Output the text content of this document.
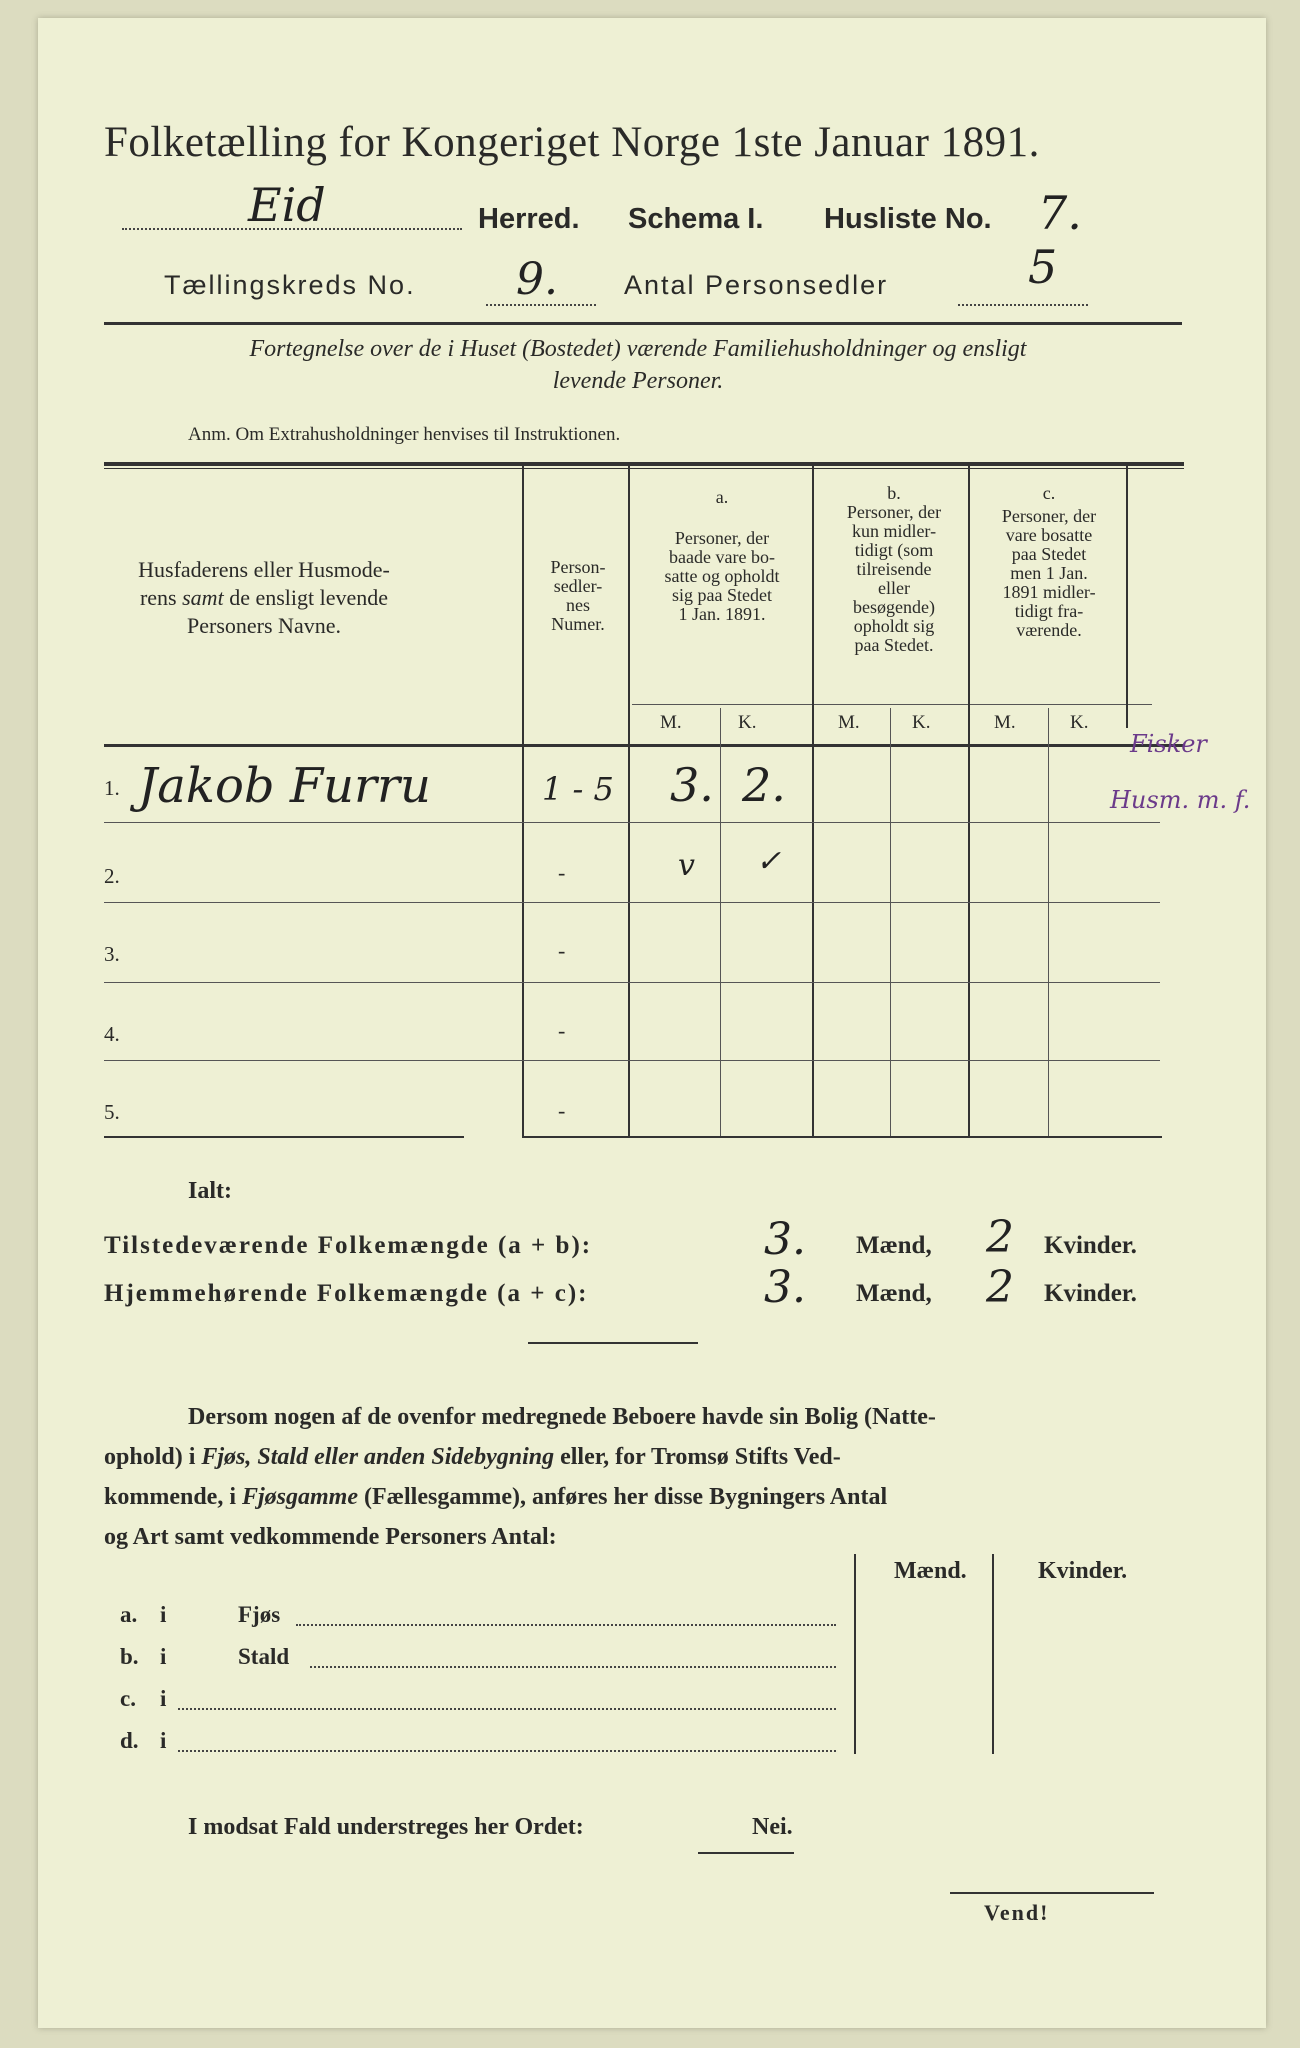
Folketælling for Kongeriget Norge 1ste Januar 1891.
Eid	Herred. Schema I. Husliste No. 7.
Tællingskreds No. 9. Antal Personsedler	5
Fortegnelse over de i Huset (Bostedet) værende Familiehusholdninger og ensligt
levende Personer.
Anm. Om Extrahusholdninger henvises til Instruktionen.
Husfaderens eller Husmode-
rens samt de ensligt levende
Personers Navne.
Person-
sedler-
nes
Numer.
a.
Personer, der
baade vare bo-
satte og opholdt
sig paa Stedet
1 Jan. 1891.
b.
Personer, der
kun midler-
tidigt (som
tilreisende
eller
besøgende)
opholdt sig
paa Stedet.
c.
Personer, der
vare bosatte
paa Stedet
men 1 Jan.
1891 midler-
tidigt fra-
værende.
M.	K.	M.	K.	M.	K.
1. Jakob Furru	1 - 5 3. 2.
Fisker
Husm. m. f.
2.	-	v ✓
3.	-
4.	-
5.	-
Ialt:
Tilstedeværende Folkemængde (a + b):	3. Mænd, 2 Kvinder.
Hjemmehørende Folkemængde (a + c):	3. Mænd, 2 Kvinder.
Dersom nogen af de ovenfor medregnede Beboere havde sin Bolig (Natte-
ophold) i Fjøs, Stald eller anden Sidebygning eller, for Tromsø Stifts Ved-
kommende, i Fjøsgamme (Fællesgamme), anføres her disse Bygningers Antal
og Art samt vedkommende Personers Antal:
Mænd.	Kvinder.
a. i	Fjøs
b. i	Stald
c. i
d. i
I modsat Fald understreges her Ordet:	Nei.
Vend!
